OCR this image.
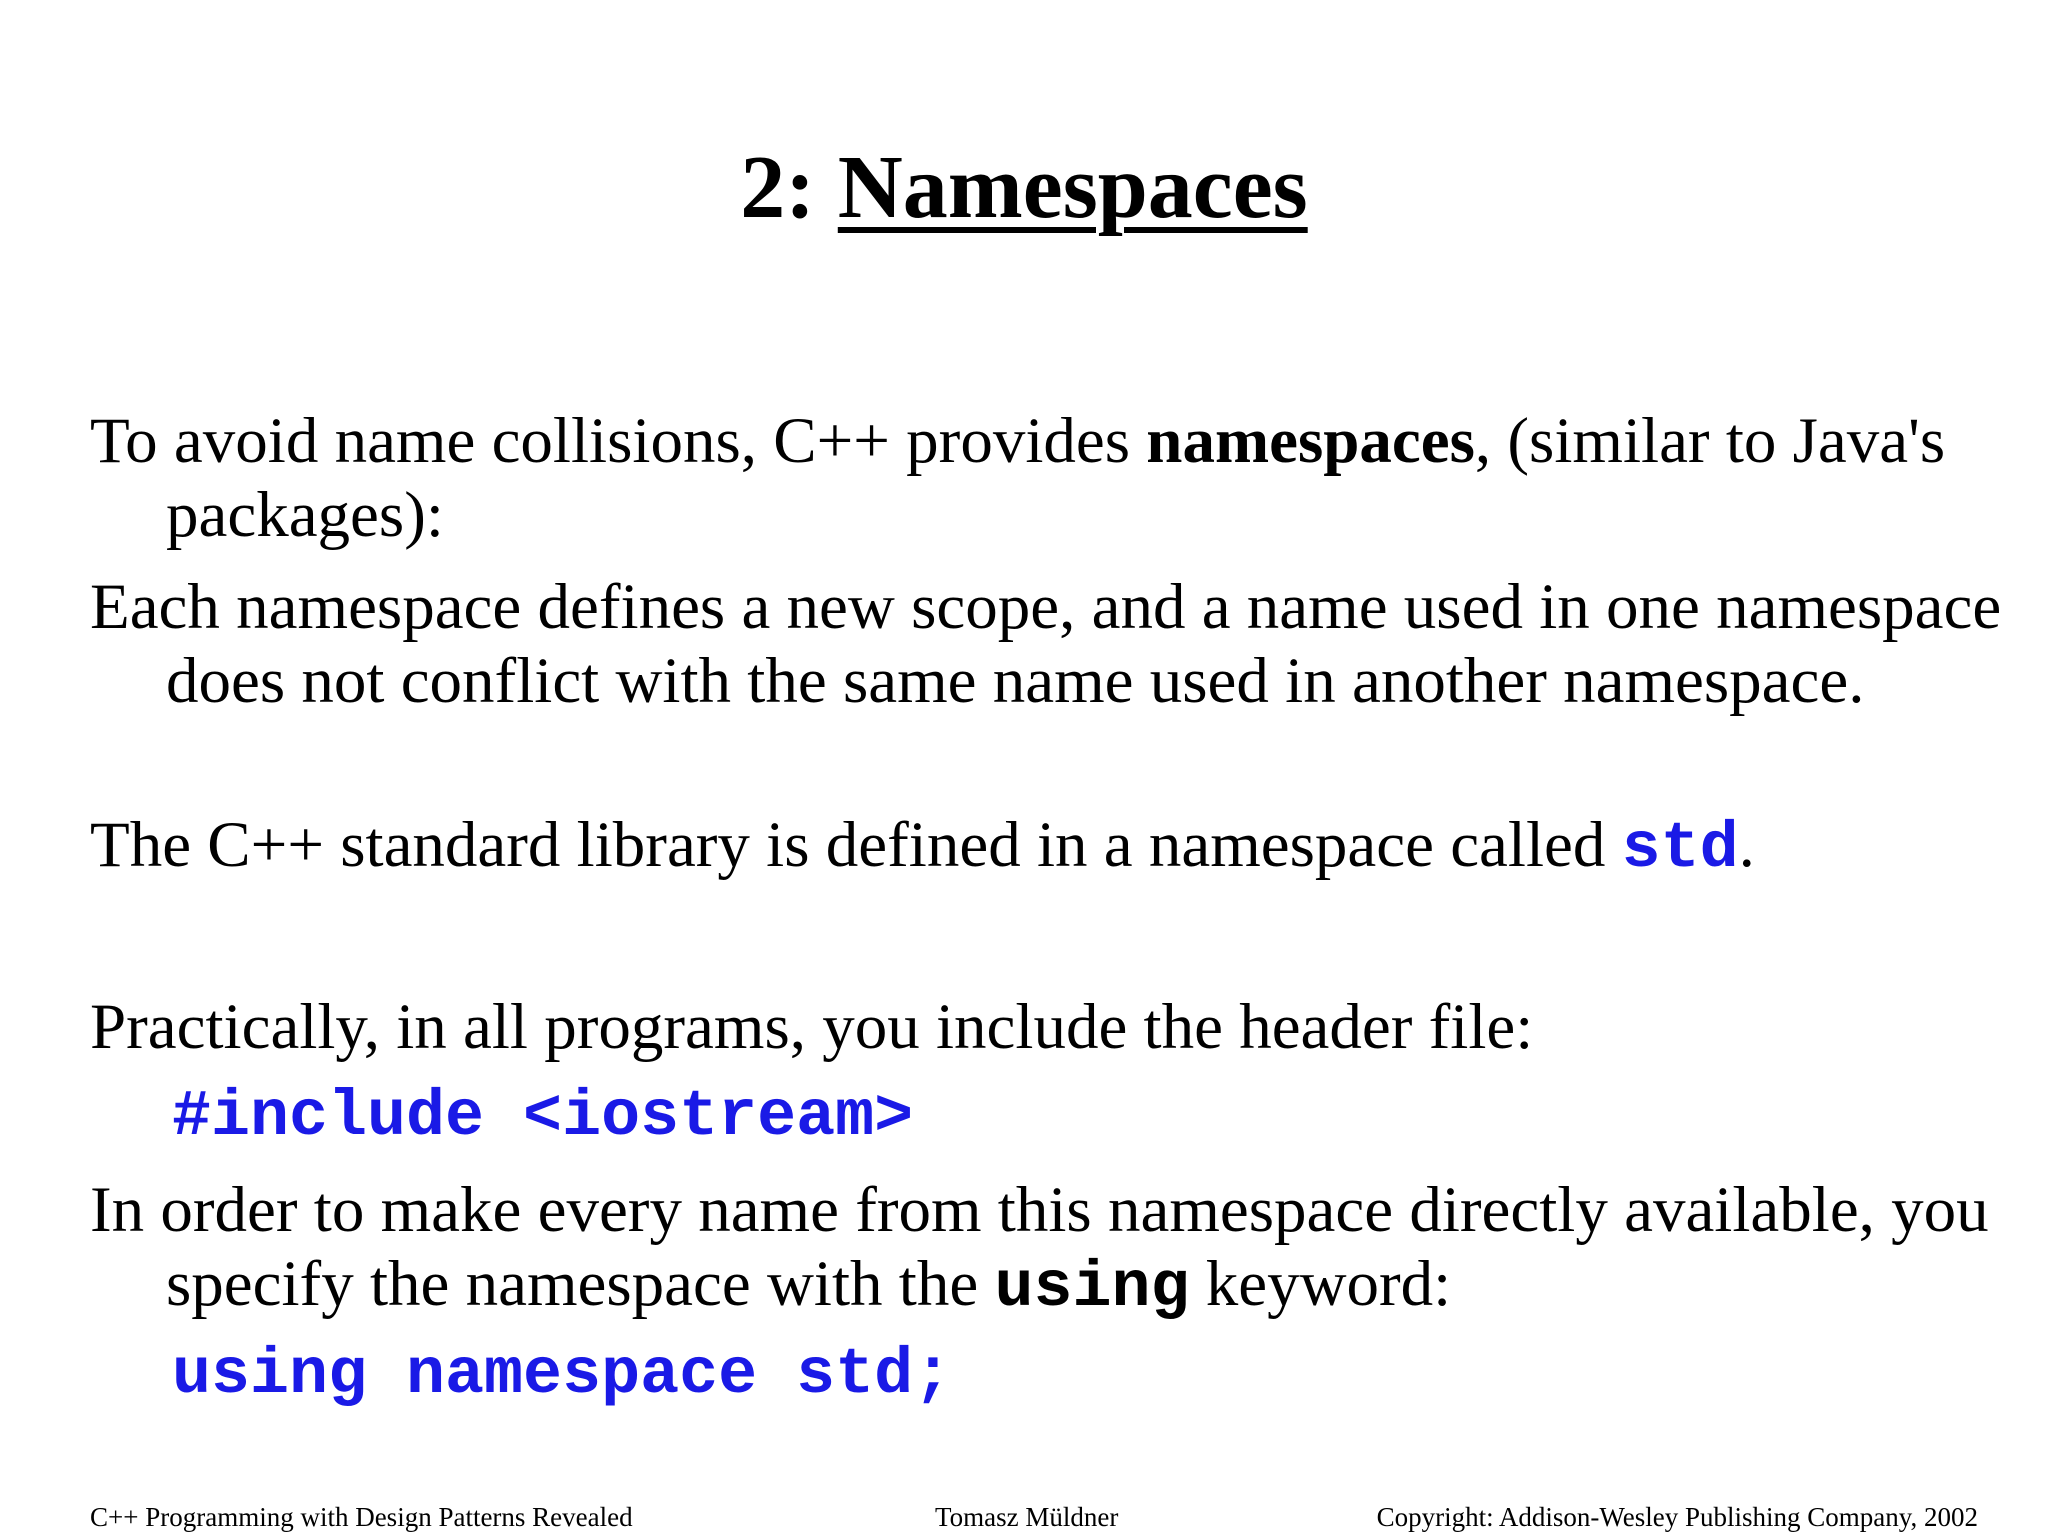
2: Namespaces
To avoid name collisions, C++ provides namespaces, (similar to Java's packages):
Each namespace defines a new scope, and a name used in one namespace does not conflict with the same name used in another namespace.
The C++ standard library is defined in a namespace called std.
Practically, in all programs, you include the header file:
#include <iostream>
In order to make every name from this namespace directly available, you specify the namespace with the using keyword:
using namespace std;
C++ Programming with Design Patterns Revealed	Tomasz Müldner	Copyright: Addison-Wesley Publishing Company, 2002
